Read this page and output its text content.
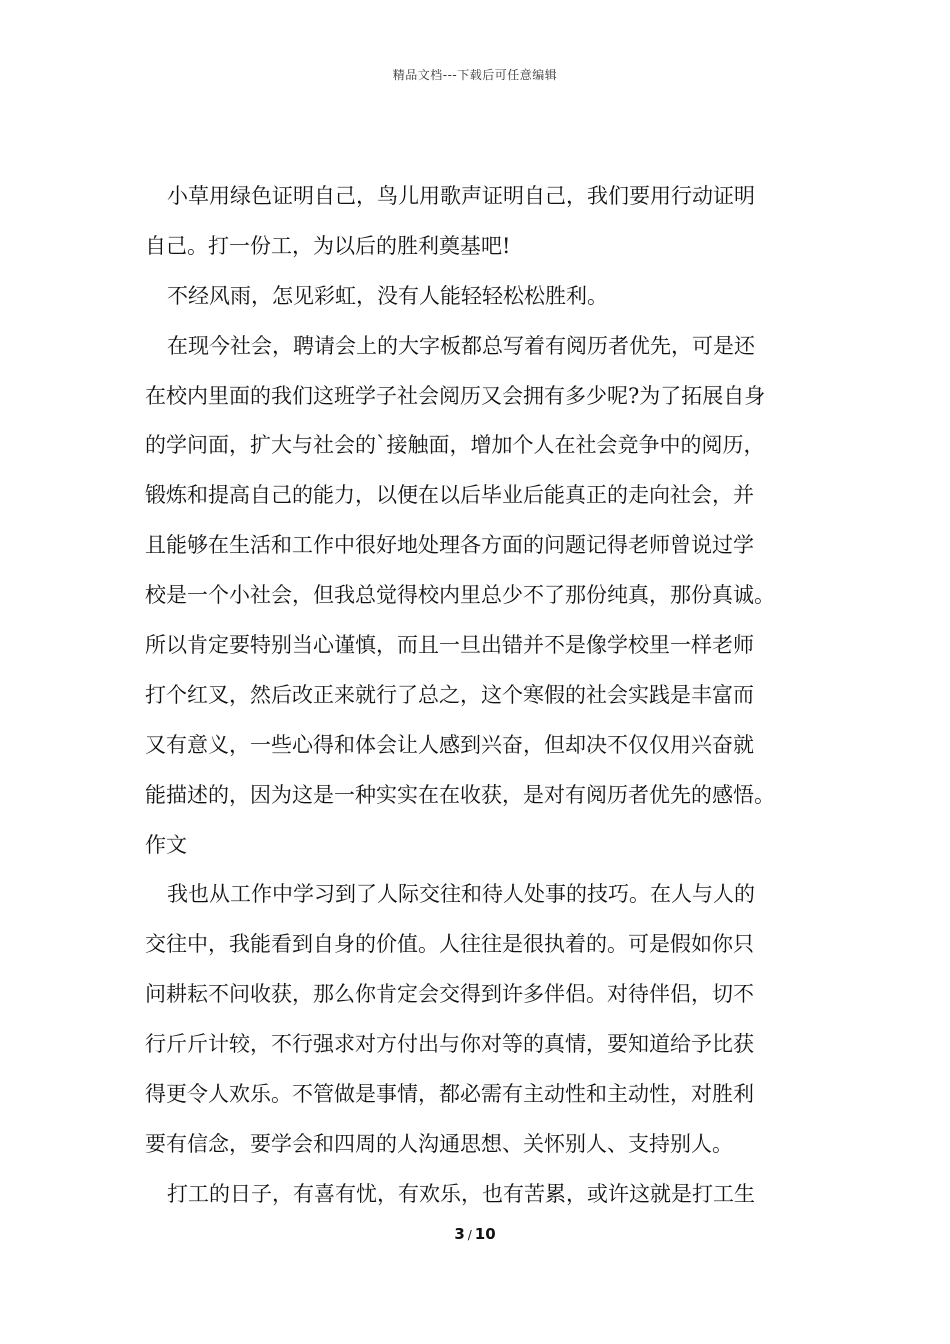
精品文档---下载后可任意编辑
小草用绿色证明自己，鸟儿用歌声证明自己，我们要用行动证明
自己。打一份工，为以后的胜利奠基吧!
不经风雨，怎见彩虹，没有人能轻轻松松胜利。
在现今社会，聘请会上的大字板都总写着有阅历者优先，可是还
在校内里面的我们这班学子社会阅历又会拥有多少呢?为了拓展自身
的学问面，扩大与社会的`接触面，增加个人在社会竞争中的阅历，
锻炼和提高自己的能力，以便在以后毕业后能真正的走向社会，并
且能够在生活和工作中很好地处理各方面的问题记得老师曾说过学
校是一个小社会，但我总觉得校内里总少不了那份纯真，那份真诚。
所以肯定要特别当心谨慎，而且一旦出错并不是像学校里一样老师
打个红叉，然后改正来就行了总之，这个寒假的社会实践是丰富而
又有意义，一些心得和体会让人感到兴奋，但却决不仅仅用兴奋就
能描述的，因为这是一种实实在在收获，是对有阅历者优先的感悟。
作文
我也从工作中学习到了人际交往和待人处事的技巧。在人与人的
交往中，我能看到自身的价值。人往往是很执着的。可是假如你只
问耕耘不问收获，那么你肯定会交得到许多伴侣。对待伴侣，切不
行斤斤计较，不行强求对方付出与你对等的真情，要知道给予比获
得更令人欢乐。不管做是事情，都必需有主动性和主动性，对胜利
要有信念，要学会和四周的人沟通思想、关怀别人、支持别人。
打工的日子，有喜有忧，有欢乐，也有苦累，或许这就是打工生
3 / 10
